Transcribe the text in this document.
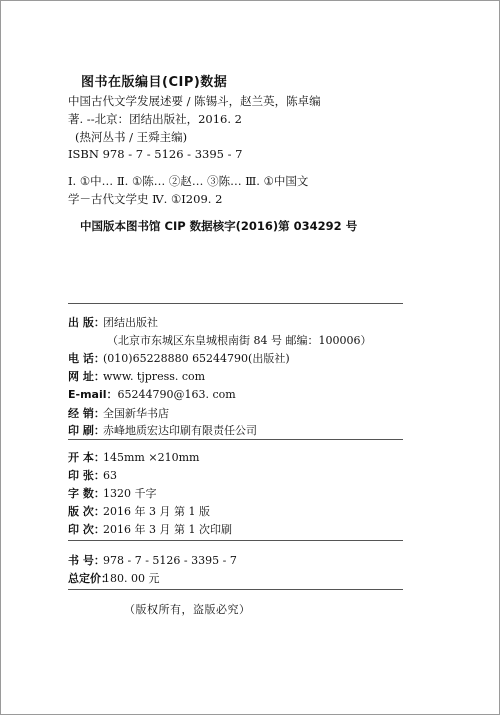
图书在版编目(CIP)数据
中国古代文学发展述要 / 陈锡斗，赵兰英，陈卓编
著. --北京：团结出版社，2016. 2
(热河丛书 / 王舜主编)
ISBN 978 - 7 - 5126 - 3395 - 7
Ⅰ. ①中… Ⅱ. ①陈… ②赵… ③陈… Ⅲ. ①中国文
学－古代文学史 Ⅳ. ①I209. 2
中国版本图书馆 CIP 数据核字(2016)第 034292 号
出 版：团结出版社
（北京市东城区东皇城根南街 84 号 邮编：100006）
电 话：(010)65228880 65244790(出版社)
网 址：www. tjpress. com
E-mail：65244790@163. com
经 销：全国新华书店
印 刷：赤峰地质宏达印刷有限责任公司
开 本：145mm ×210mm
印 张：63
字 数：1320 千字
版 次：2016 年 3 月 第 1 版
印 次：2016 年 3 月 第 1 次印刷
书 号：978 - 7 - 5126 - 3395 - 7
总定价：180. 00 元
（版权所有，盗版必究）
